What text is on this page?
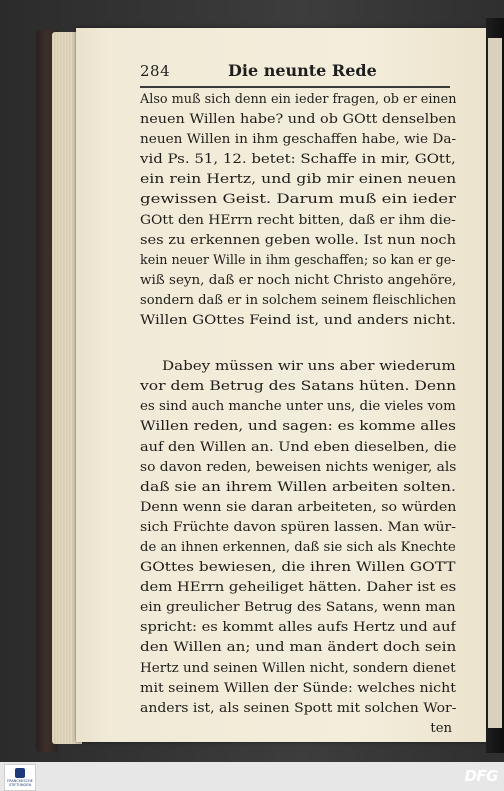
284	Die neunte Rede
Also muß sich denn ein ieder fragen, ob er einen
neuen Willen habe? und ob GOtt denselben
neuen Willen in ihm geschaffen habe, wie Da-
vid Ps. 51, 12. betet: Schaffe in mir, GOtt,
ein rein Hertz, und gib mir einen neuen
gewissen Geist. Darum muß ein ieder
GOtt den HErrn recht bitten, daß er ihm die-
ses zu erkennen geben wolle. Ist nun noch
kein neuer Wille in ihm geschaffen; so kan er ge-
wiß seyn, daß er noch nicht Christo angehöre,
sondern daß er in solchem seinem fleischlichen
Willen GOttes Feind ist, und anders nicht.
Dabey müssen wir uns aber wiederum
vor dem Betrug des Satans hüten. Denn
es sind auch manche unter uns, die vieles vom
Willen reden, und sagen: es komme alles
auf den Willen an. Und eben dieselben, die
so davon reden, beweisen nichts weniger, als
daß sie an ihrem Willen arbeiten solten.
Denn wenn sie daran arbeiteten, so würden
sich Früchte davon spüren lassen. Man wür-
de an ihnen erkennen, daß sie sich als Knechte
GOttes bewiesen, die ihren Willen GOTT
dem HErrn geheiliget hätten. Daher ist es
ein greulicher Betrug des Satans, wenn man
spricht: es kommt alles aufs Hertz und auf
den Willen an; und man ändert doch sein
Hertz und seinen Willen nicht, sondern dienet
mit seinem Willen der Sünde: welches nicht
anders ist, als seinen Spott mit solchen Wor-
ten
FRANCKESCHE STIFTUNGEN	DFG
